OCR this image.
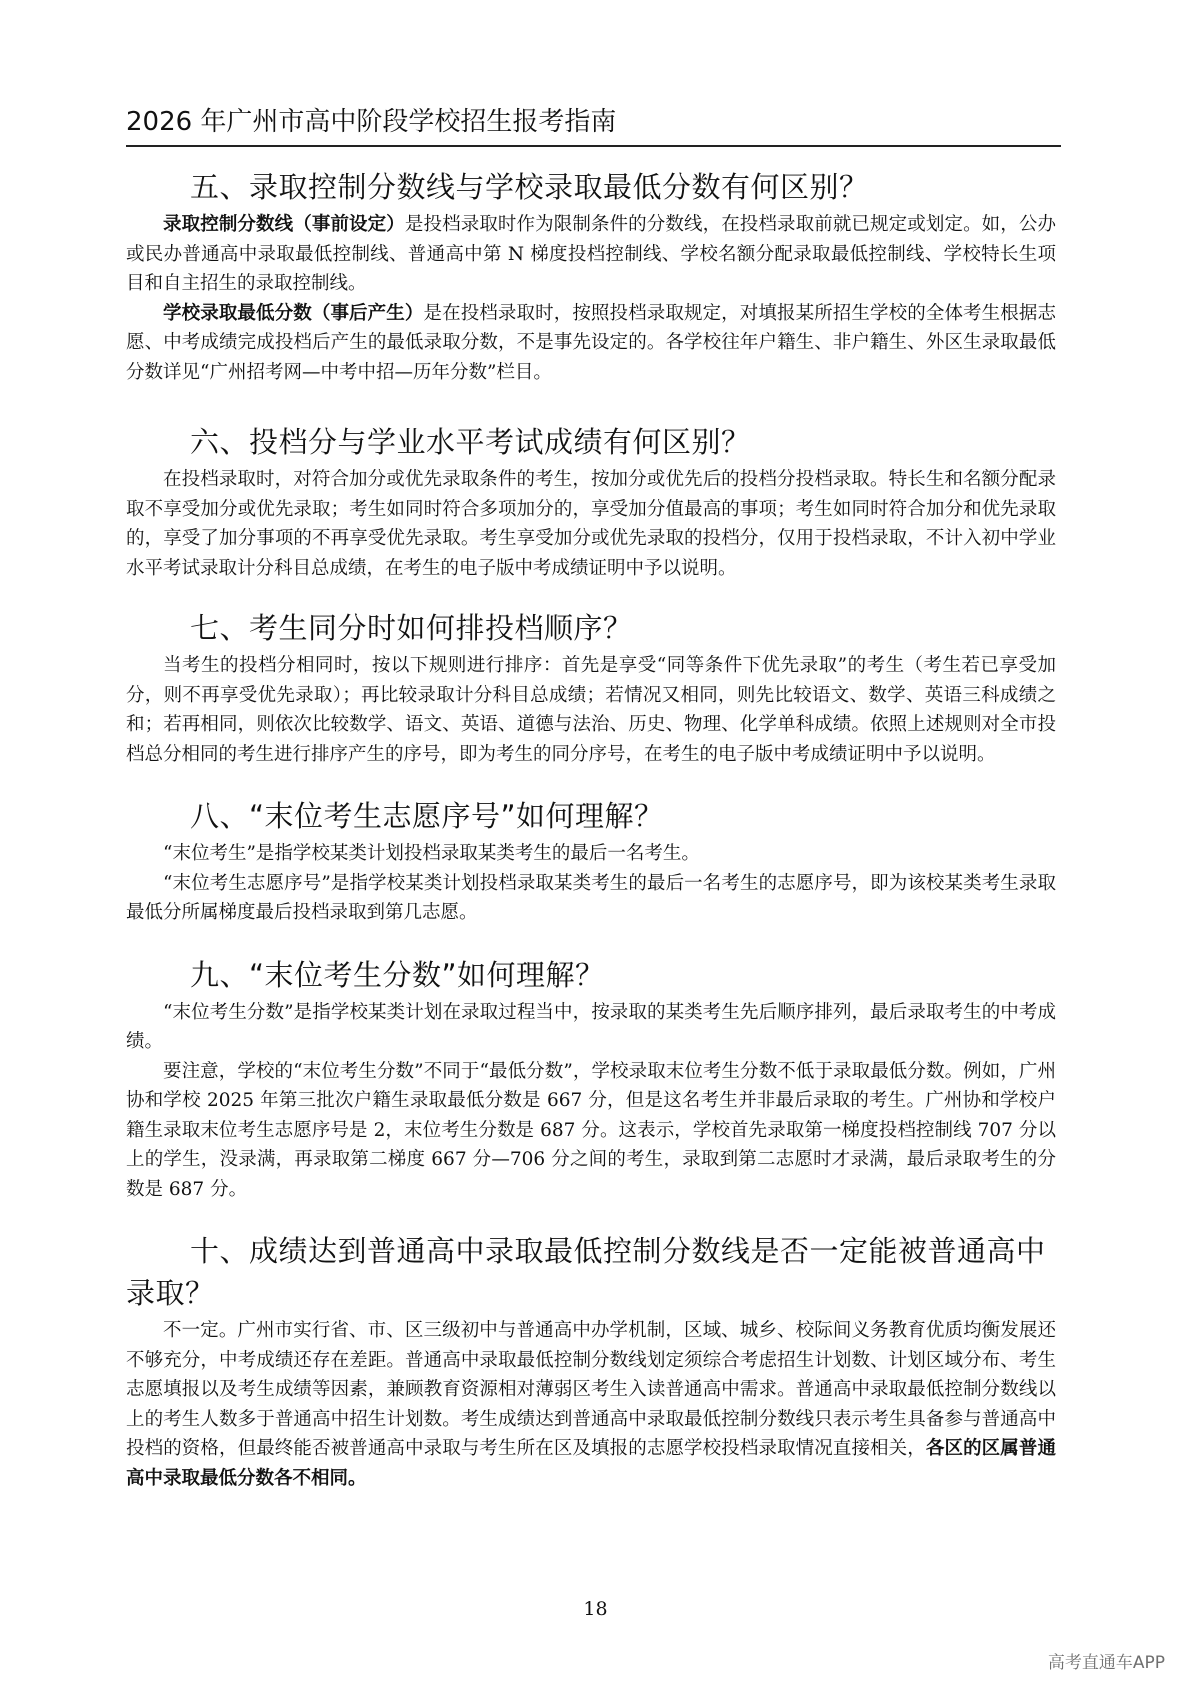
2026 年广州市高中阶段学校招生报考指南
五、录取控制分数线与学校录取最低分数有何区别？

录取控制分数线（事前设定）是投档录取时作为限制条件的分数线，在投档录取前就已规定或划定。如，公办或民办普通高中录取最低控制线、普通高中第 N 梯度投档控制线、学校名额分配录取最低控制线、学校特长生项目和自主招生的录取控制线。

学校录取最低分数（事后产生）是在投档录取时，按照投档录取规定，对填报某所招生学校的全体考生根据志愿、中考成绩完成投档后产生的最低录取分数，不是事先设定的。各学校往年户籍生、非户籍生、外区生录取最低分数详见“广州招考网—中考中招—历年分数”栏目。

六、投档分与学业水平考试成绩有何区别？

在投档录取时，对符合加分或优先录取条件的考生，按加分或优先后的投档分投档录取。特长生和名额分配录取不享受加分或优先录取；考生如同时符合多项加分的，享受加分值最高的事项；考生如同时符合加分和优先录取的，享受了加分事项的不再享受优先录取。考生享受加分或优先录取的投档分，仅用于投档录取，不计入初中学业水平考试录取计分科目总成绩，在考生的电子版中考成绩证明中予以说明。

七、考生同分时如何排投档顺序？

当考生的投档分相同时，按以下规则进行排序：首先是享受“同等条件下优先录取”的考生（考生若已享受加分，则不再享受优先录取）；再比较录取计分科目总成绩；若情况又相同，则先比较语文、数学、英语三科成绩之和；若再相同，则依次比较数学、语文、英语、道德与法治、历史、物理、化学单科成绩。依照上述规则对全市投档总分相同的考生进行排序产生的序号，即为考生的同分序号，在考生的电子版中考成绩证明中予以说明。

八、“末位考生志愿序号”如何理解？

“末位考生”是指学校某类计划投档录取某类考生的最后一名考生。

“末位考生志愿序号”是指学校某类计划投档录取某类考生的最后一名考生的志愿序号，即为该校某类考生录取最低分所属梯度最后投档录取到第几志愿。

九、“末位考生分数”如何理解？

“末位考生分数”是指学校某类计划在录取过程当中，按录取的某类考生先后顺序排列，最后录取考生的中考成绩。

要注意，学校的“末位考生分数”不同于“最低分数”，学校录取末位考生分数不低于录取最低分数。例如，广州协和学校 2025 年第三批次户籍生录取最低分数是 667 分，但是这名考生并非最后录取的考生。广州协和学校户籍生录取末位考生志愿序号是 2，末位考生分数是 687 分。这表示，学校首先录取第一梯度投档控制线 707 分以上的学生，没录满，再录取第二梯度 667 分—706 分之间的考生，录取到第二志愿时才录满，最后录取考生的分数是 687 分。

十、成绩达到普通高中录取最低控制分数线是否一定能被普通高中录取？

不一定。广州市实行省、市、区三级初中与普通高中办学机制，区域、城乡、校际间义务教育优质均衡发展还不够充分，中考成绩还存在差距。普通高中录取最低控制分数线划定须综合考虑招生计划数、计划区域分布、考生志愿填报以及考生成绩等因素，兼顾教育资源相对薄弱区考生入读普通高中需求。普通高中录取最低控制分数线以上的考生人数多于普通高中招生计划数。考生成绩达到普通高中录取最低控制分数线只表示考生具备参与普通高中投档的资格，但最终能否被普通高中录取与考生所在区及填报的志愿学校投档录取情况直接相关，各区的区属普通高中录取最低分数各不相同。

18
高考直通车APP
